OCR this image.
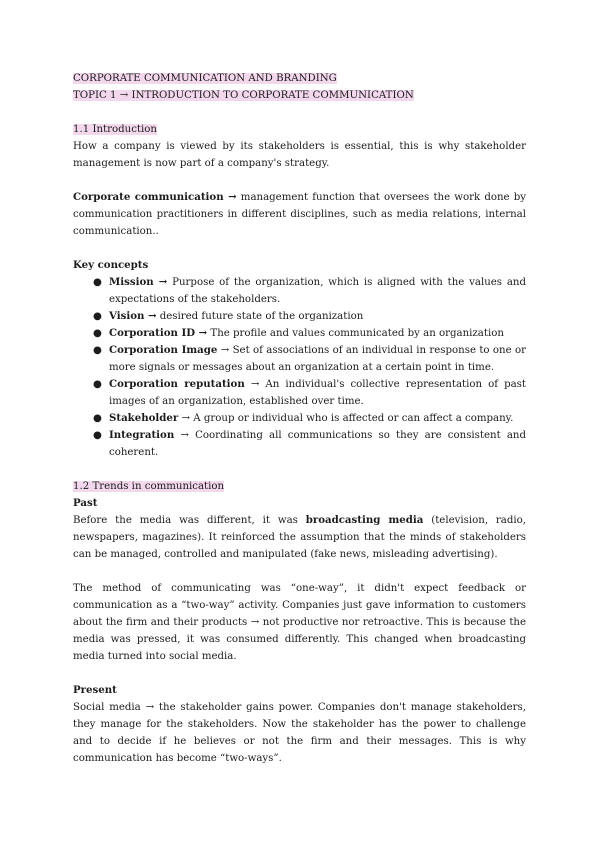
CORPORATE COMMUNICATION AND BRANDING
TOPIC 1 → INTRODUCTION TO CORPORATE COMMUNICATION
1.1 Introduction

How a company is viewed by its stakeholders is essential, this is why stakeholder management is now part of a company's strategy.

Corporate communication → management function that oversees the work done by communication practitioners in different disciplines, such as media relations, internal communication..

Key concepts
● Mission → Purpose of the organization, which is aligned with the values and expectations of the stakeholders.
● Vision → desired future state of the organization
● Corporation ID → The profile and values communicated by an organization
● Corporation Image → Set of associations of an individual in response to one or more signals or messages about an organization at a certain point in time.
● Corporation reputation → An individual's collective representation of past images of an organization, established over time.
● Stakeholder → A group or individual who is affected or can affect a company.
● Integration → Coordinating all communications so they are consistent and coherent.
1.2 Trends in communication
Past

Before the media was different, it was broadcasting media (television, radio, newspapers, magazines). It reinforced the assumption that the minds of stakeholders can be managed, controlled and manipulated (fake news, misleading advertising).

The method of communicating was “one-way”, it didn't expect feedback or communication as a “two-way” activity. Companies just gave information to customers about the firm and their products → not productive nor retroactive. This is because the media was pressed, it was consumed differently. This changed when broadcasting media turned into social media.

Present

Social media → the stakeholder gains power. Companies don't manage stakeholders, they manage for the stakeholders. Now the stakeholder has the power to challenge and to decide if he believes or not the firm and their messages. This is why communication has become “two-ways”.
